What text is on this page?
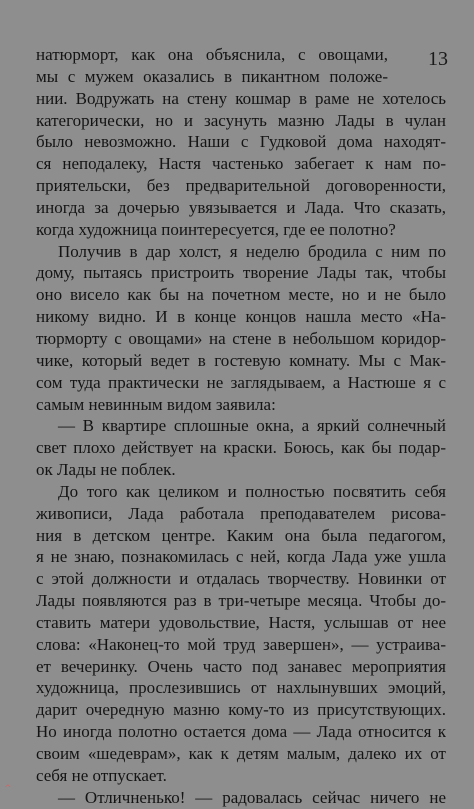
13
натюрморт, как она объяснила, с овощами,
мы с мужем оказались в пикантном положе-
нии. Водружать на стену кошмар в раме не хотелось
категорически, но и засунуть мазню Лады в чулан
было невозможно. Наши с Гудковой дома находят-
ся неподалеку, Настя частенько забегает к нам по-
приятельски, без предварительной договоренности,
иногда за дочерью увязывается и Лада. Что сказать,
когда художница поинтересуется, где ее полотно?
Получив в дар холст, я неделю бродила с ним по
дому, пытаясь пристроить творение Лады так, чтобы
оно висело как бы на почетном месте, но и не было
никому видно. И в конце концов нашла место «На-
тюрморту с овощами» на стене в небольшом коридор-
чике, который ведет в гостевую комнату. Мы с Мак-
сом туда практически не заглядываем, а Настюше я с
самым невинным видом заявила:
— В квартире сплошные окна, а яркий солнечный
свет плохо действует на краски. Боюсь, как бы подар-
ок Лады не поблек.
До того как целиком и полностью посвятить себя
живописи, Лада работала преподавателем рисова-
ния в детском центре. Каким она была педагогом,
я не знаю, познакомилась с ней, когда Лада уже ушла
с этой должности и отдалась творчеству. Новинки от
Лады появляются раз в три-четыре месяца. Чтобы до-
ставить матери удовольствие, Настя, услышав от нее
слова: «Наконец-то мой труд завершен», — устраива-
ет вечеринку. Очень часто под занавес мероприятия
художница, прослезившись от нахлынувших эмоций,
дарит очередную мазню кому-то из присутствующих.
Но иногда полотно остается дома — Лада относится к
своим «шедеврам», как к детям малым, далеко их от
себя не отпускает.
— Отличненько! — радовалась сейчас ничего не
^
